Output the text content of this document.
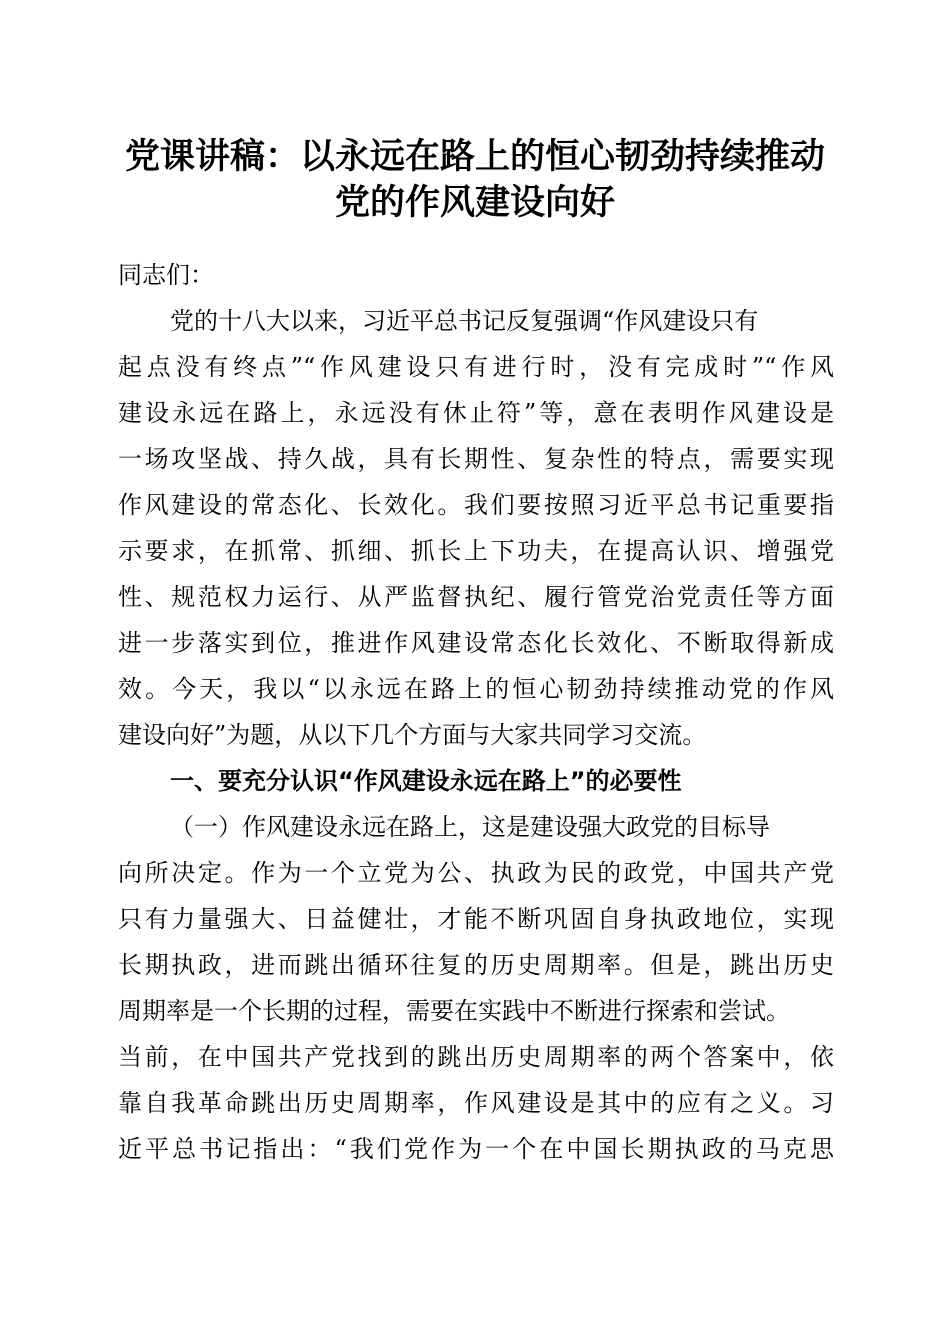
党课讲稿：以永远在路上的恒心韧劲持续推动
党的作风建设向好
同志们：
党的十八大以来，习近平总书记反复强调“作风建设只有
起点没有终点”“作风建设只有进行时，没有完成时”“作风
建设永远在路上，永远没有休止符”等，意在表明作风建设是
一场攻坚战、持久战，具有长期性、复杂性的特点，需要实现
作风建设的常态化、长效化。我们要按照习近平总书记重要指
示要求，在抓常、抓细、抓长上下功夫，在提高认识、增强党
性、规范权力运行、从严监督执纪、履行管党治党责任等方面
进一步落实到位，推进作风建设常态化长效化、不断取得新成
效。今天，我以“以永远在路上的恒心韧劲持续推动党的作风
建设向好”为题，从以下几个方面与大家共同学习交流。
一、要充分认识“作风建设永远在路上”的必要性
（一）作风建设永远在路上，这是建设强大政党的目标导
向所决定。作为一个立党为公、执政为民的政党，中国共产党
只有力量强大、日益健壮，才能不断巩固自身执政地位，实现
长期执政，进而跳出循环往复的历史周期率。但是，跳出历史
周期率是一个长期的过程，需要在实践中不断进行探索和尝试。
当前，在中国共产党找到的跳出历史周期率的两个答案中，依
靠自我革命跳出历史周期率，作风建设是其中的应有之义。习
近平总书记指出：“我们党作为一个在中国长期执政的马克思
